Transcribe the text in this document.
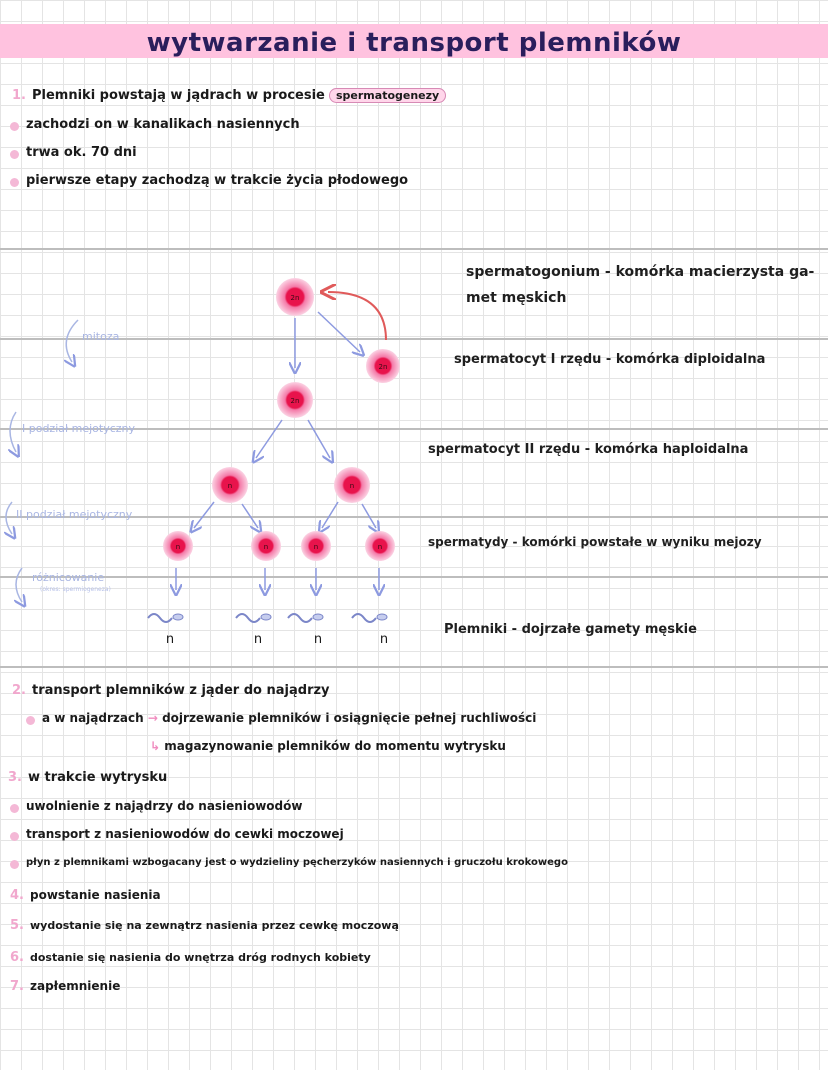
wytwarzanie i transport plemników
1. Plemniki powstają w jądrach w procesie spermatogenezy
zachodzi on w kanalikach nasiennych
trwa ok. 70 dni
pierwsze etapy zachodzą w trakcie życia płodowego
2n
2n
2n
n	n
n	n	n	n
n	n	n	n
mitoza
I podział mejotyczny
II podział mejotyczny
różnicowanie
(okres: spermiogeneza)
spermatogonium - komórka macierzysta ga-
met męskich
spermatocyt I rzędu - komórka diploidalna
spermatocyt II rzędu - komórka haploidalna
spermatydy - komórki powstałe w wyniku mejozy
Plemniki - dojrzałe gamety męskie
2. transport plemników z jąder do najądrzy
a w najądrzach → dojrzewanie plemników i osiągnięcie pełnej ruchliwości
↳ magazynowanie plemników do momentu wytrysku
3. w trakcie wytrysku
uwolnienie z najądrzy do nasieniowodów
transport z nasieniowodów do cewki moczowej
płyn z plemnikami wzbogacany jest o wydzieliny pęcherzyków nasiennych i gruczołu krokowego
4. powstanie nasienia
5. wydostanie się na zewnątrz nasienia przez cewkę moczową
6. dostanie się nasienia do wnętrza dróg rodnych kobiety
7. zapłemnienie
